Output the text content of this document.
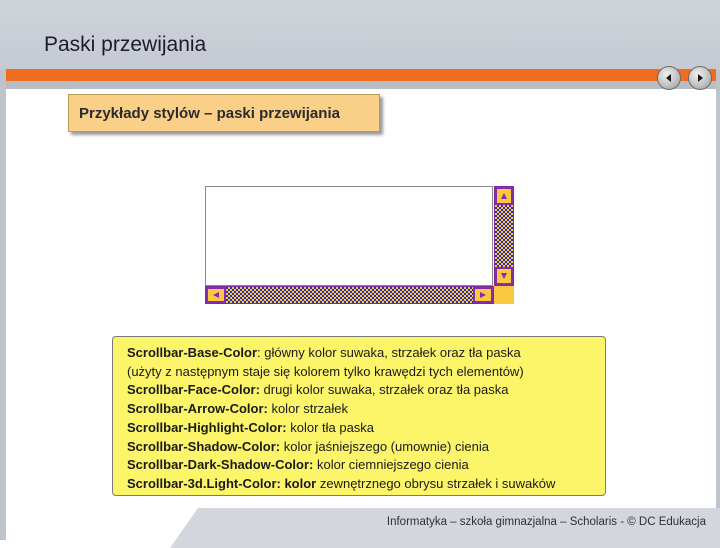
Paski przewijania
Przykłady stylów – paski przewijania
Scrollbar-Base-Color: główny kolor suwaka, strzałek oraz tła paska
(użyty z następnym staje się kolorem tylko krawędzi tych elementów)
Scrollbar-Face-Color: drugi kolor suwaka, strzałek oraz tła paska
Scrollbar-Arrow-Color: kolor strzałek
Scrollbar-Highlight-Color: kolor tła paska
Scrollbar-Shadow-Color: kolor jaśniejszego (umownie) cienia
Scrollbar-Dark-Shadow-Color: kolor ciemniejszego cienia
Scrollbar-3d.Light-Color: kolor zewnętrznego obrysu strzałek i suwaków
Informatyka – szkoła gimnazjalna – Scholaris - © DC Edukacja
